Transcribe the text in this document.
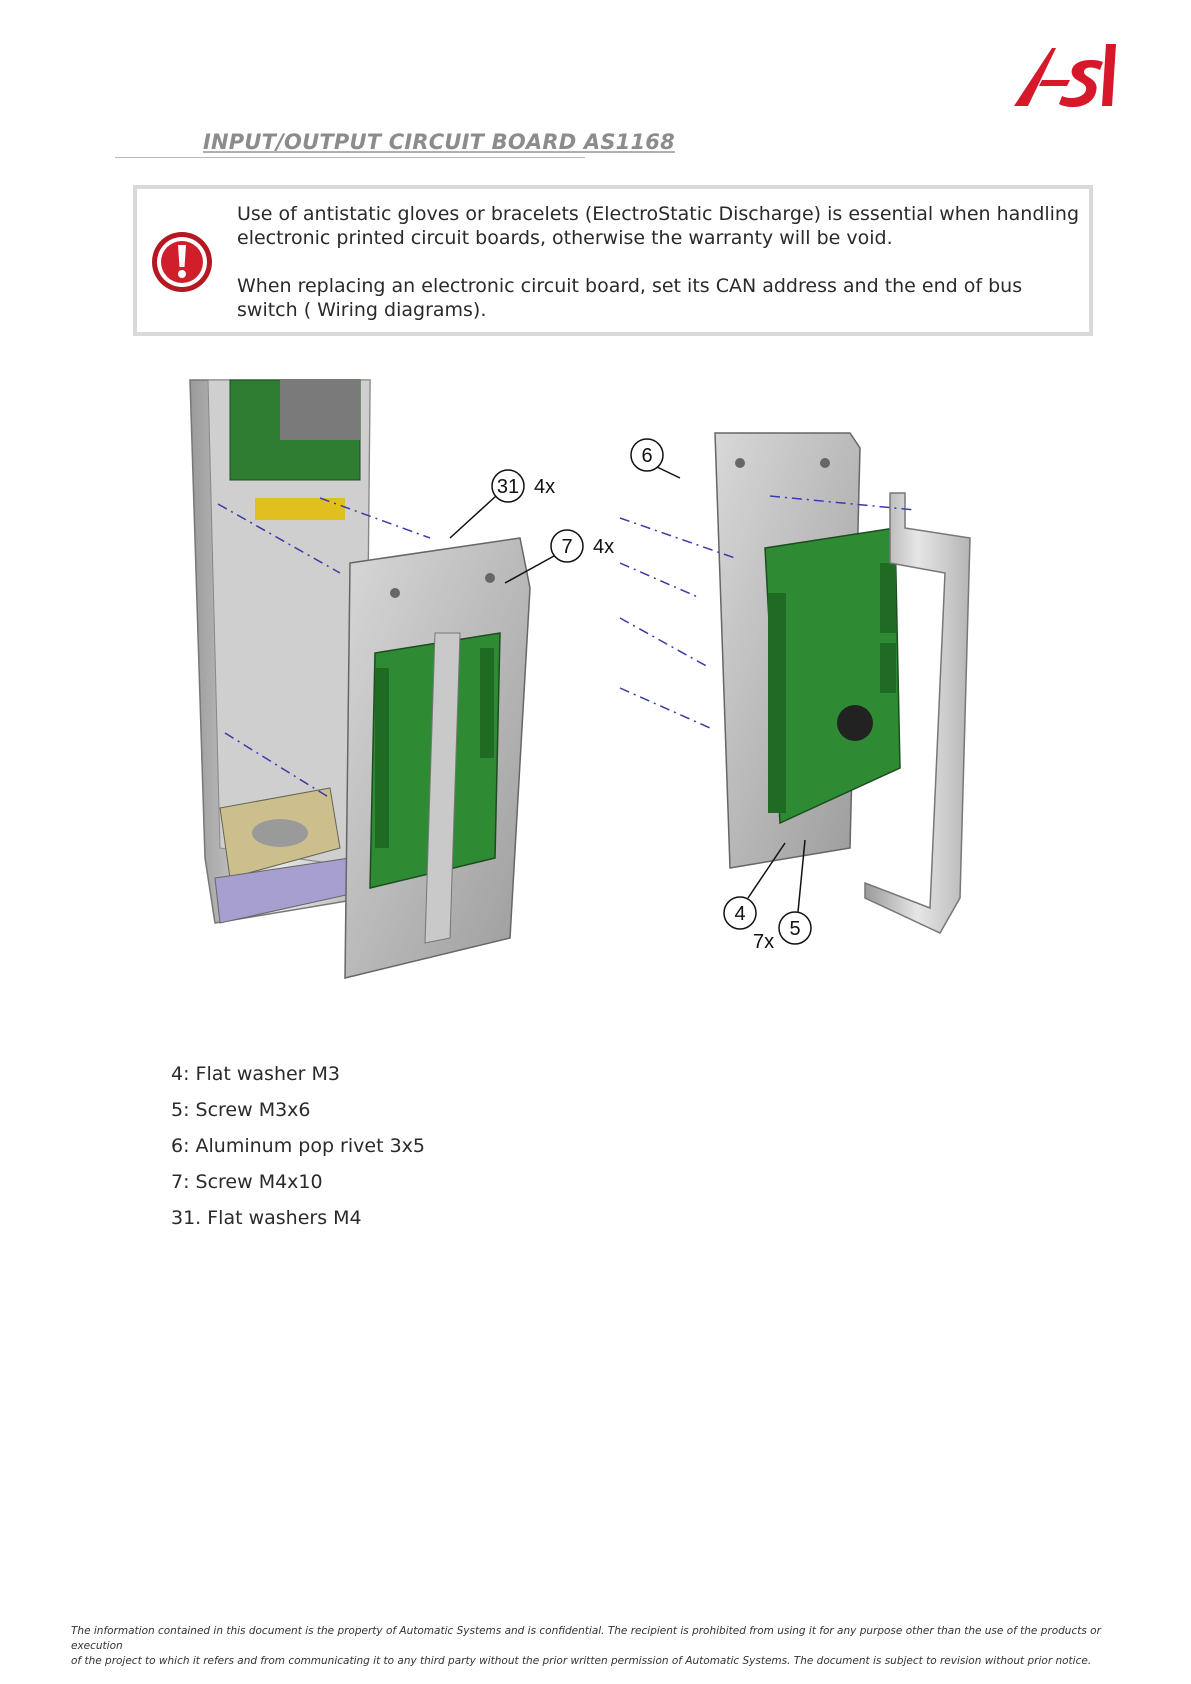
INPUT/OUTPUT CIRCUIT BOARD AS1168

Use of antistatic gloves or bracelets (ElectroStatic Discharge) is essential when handling electronic printed circuit boards, otherwise the warranty will be void.

When replacing an electronic circuit board, set its CAN address and the end of bus switch ( Wiring diagrams).

31 4x
7 4x
6
4
7x
5
4: Flat washer M3
5: Screw M3x6
6: Aluminum pop rivet 3x5
7: Screw M4x10
31. Flat washers M4
The information contained in this document is the property of Automatic Systems and is confidential. The recipient is prohibited from using it for any purpose other than the use of the products or execution
of the project to which it refers and from communicating it to any third party without the prior written permission of Automatic Systems. The document is subject to revision without prior notice.
